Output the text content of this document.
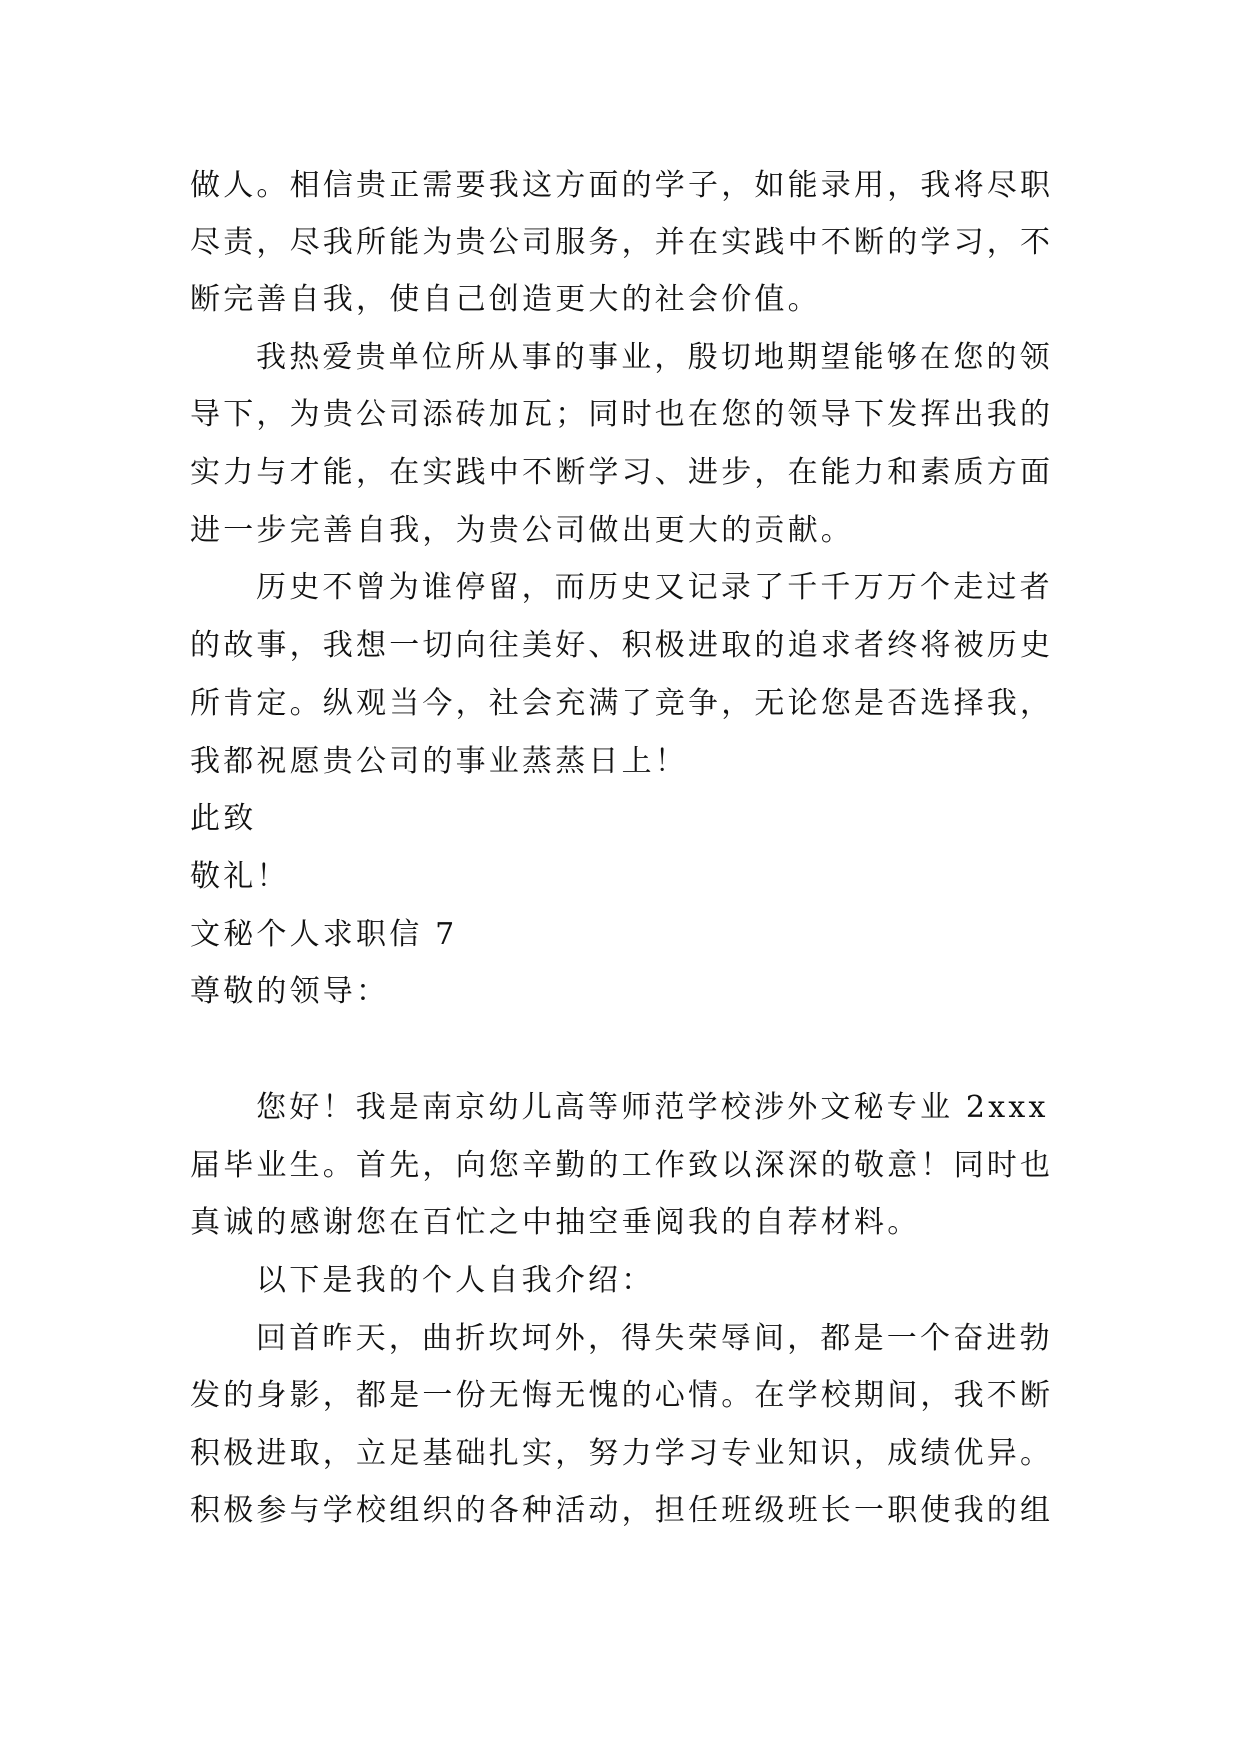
做人。相信贵正需要我这方面的学子，如能录用，我将尽职
尽责，尽我所能为贵公司服务，并在实践中不断的学习，不
断完善自我，使自己创造更大的社会价值。
我热爱贵单位所从事的事业，殷切地期望能够在您的领
导下，为贵公司添砖加瓦；同时也在您的领导下发挥出我的
实力与才能，在实践中不断学习、进步，在能力和素质方面
进一步完善自我，为贵公司做出更大的贡献。
历史不曾为谁停留，而历史又记录了千千万万个走过者
的故事，我想一切向往美好、积极进取的追求者终将被历史
所肯定。纵观当今，社会充满了竞争，无论您是否选择我，
我都祝愿贵公司的事业蒸蒸日上！
此致
敬礼！
文秘个人求职信 7
尊敬的领导：
您好！我是南京幼儿高等师范学校涉外文秘专业 2xxx
届毕业生。首先，向您辛勤的工作致以深深的敬意！同时也
真诚的感谢您在百忙之中抽空垂阅我的自荐材料。
以下是我的个人自我介绍：
回首昨天，曲折坎坷外，得失荣辱间，都是一个奋进勃
发的身影，都是一份无悔无愧的心情。在学校期间，我不断
积极进取，立足基础扎实，努力学习专业知识，成绩优异。
积极参与学校组织的各种活动，担任班级班长一职使我的组
